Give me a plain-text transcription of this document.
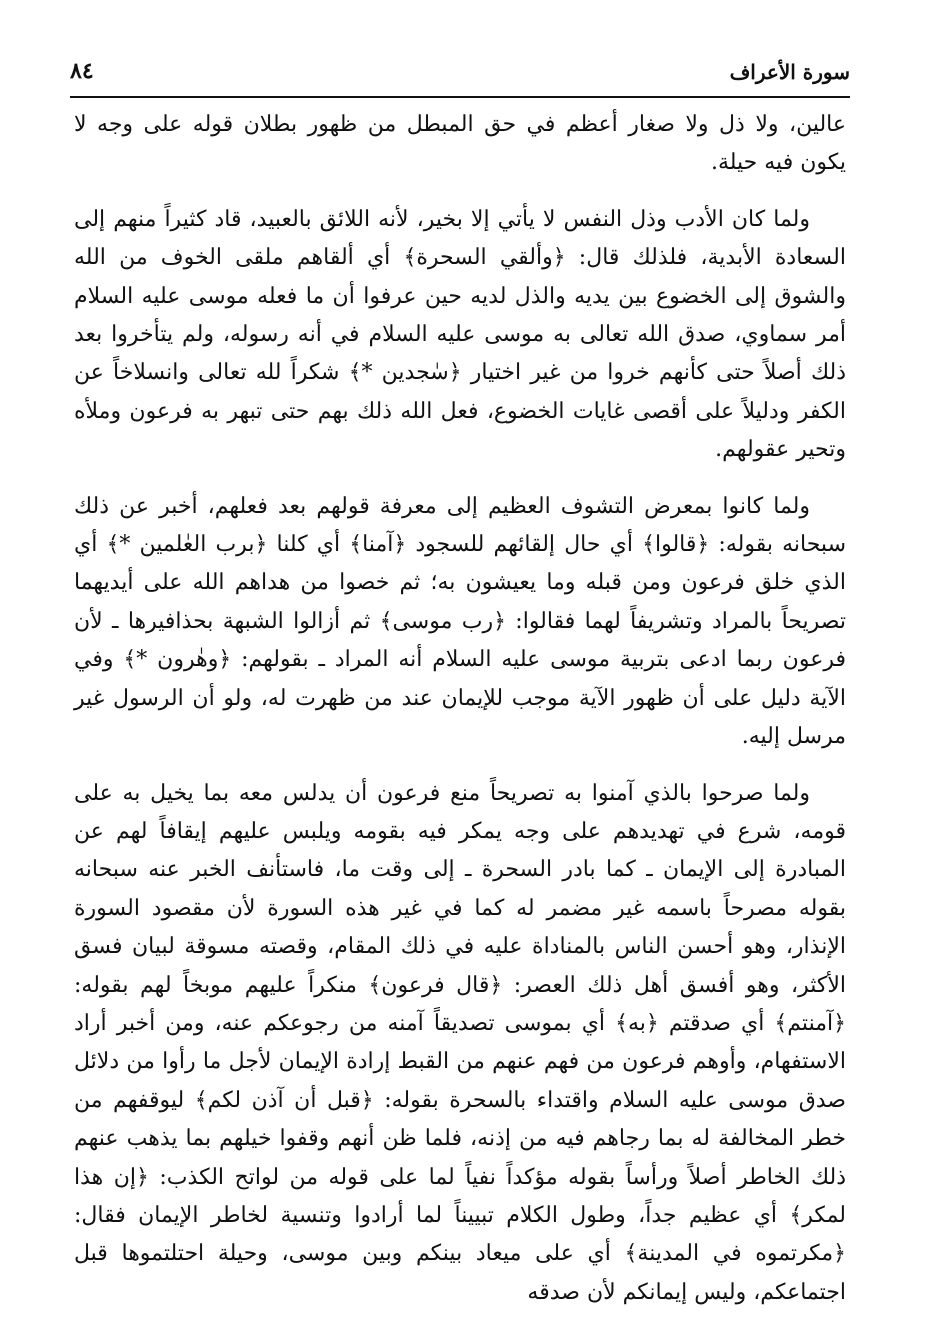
سورة الأعراف
٨٤

عالين، ولا ذل ولا صغار أعظم في حق المبطل من ظهور بطلان قوله على وجه لا يكون فيه حيلة.

ولما كان الأدب وذل النفس لا يأتي إلا بخير، لأنه اللائق بالعبيد، قاد كثيراً منهم إلى السعادة الأبدية، فلذلك قال: ﴿وألقي السحرة﴾ أي ألقاهم ملقى الخوف من الله والشوق إلى الخضوع بين يديه والذل لديه حين عرفوا أن ما فعله موسى عليه السلام أمر سماوي، صدق الله تعالى به موسى عليه السلام في أنه رسوله، ولم يتأخروا بعد ذلك أصلاً حتى كأنهم خروا من غير اختيار ﴿سٰجدين *﴾ شكراً لله تعالى وانسلاخاً عن الكفر ودليلاً على أقصى غايات الخضوع، فعل الله ذلك بهم حتى تبهر به فرعون وملأه وتحير عقولهم.

ولما كانوا بمعرض التشوف العظيم إلى معرفة قولهم بعد فعلهم، أخبر عن ذلك سبحانه بقوله: ﴿قالوا﴾ أي حال إلقائهم للسجود ﴿آمنا﴾ أي كلنا ﴿برب العٰلمين *﴾ أي الذي خلق فرعون ومن قبله وما يعيشون به؛ ثم خصوا من هداهم الله على أيديهما تصريحاً بالمراد وتشريفاً لهما فقالوا: ﴿رب موسى﴾ ثم أزالوا الشبهة بحذافيرها ـ لأن فرعون ربما ادعى بتربية موسى عليه السلام أنه المراد ـ بقولهم: ﴿وهٰرون *﴾ وفي الآية دليل على أن ظهور الآية موجب للإيمان عند من ظهرت له، ولو أن الرسول غير مرسل إليه.

ولما صرحوا بالذي آمنوا به تصريحاً منع فرعون أن يدلس معه بما يخيل به على قومه، شرع في تهديدهم على وجه يمكر فيه بقومه ويلبس عليهم إيقافاً لهم عن المبادرة إلى الإيمان ـ كما بادر السحرة ـ إلى وقت ما، فاستأنف الخبر عنه سبحانه بقوله مصرحاً باسمه غير مضمر له كما في غير هذه السورة لأن مقصود السورة الإنذار، وهو أحسن الناس بالمناداة عليه في ذلك المقام، وقصته مسوقة لبيان فسق الأكثر، وهو أفسق أهل ذلك العصر: ﴿قال فرعون﴾ منكراً عليهم موبخاً لهم بقوله: ﴿آمنتم﴾ أي صدقتم ﴿به﴾ أي بموسى تصديقاً آمنه من رجوعكم عنه، ومن أخبر أراد الاستفهام، وأوهم فرعون من فهم عنهم من القبط إرادة الإيمان لأجل ما رأوا من دلائل صدق موسى عليه السلام واقتداء بالسحرة بقوله: ﴿قبل أن آذن لكم﴾ ليوقفهم من خطر المخالفة له بما رجاهم فيه من إذنه، فلما ظن أنهم وقفوا خيلهم بما يذهب عنهم ذلك الخاطر أصلاً ورأساً بقوله مؤكداً نفياً لما على قوله من لواتح الكذب: ﴿إن هذا لمكر﴾ أي عظيم جداً، وطول الكلام تبييناً لما أرادوا وتنسية لخاطر الإيمان فقال: ﴿مكرتموه في المدينة﴾ أي على ميعاد بينكم وبين موسى، وحيلة احتلتموها قبل اجتماعكم، وليس إيمانكم لأن صدقه
